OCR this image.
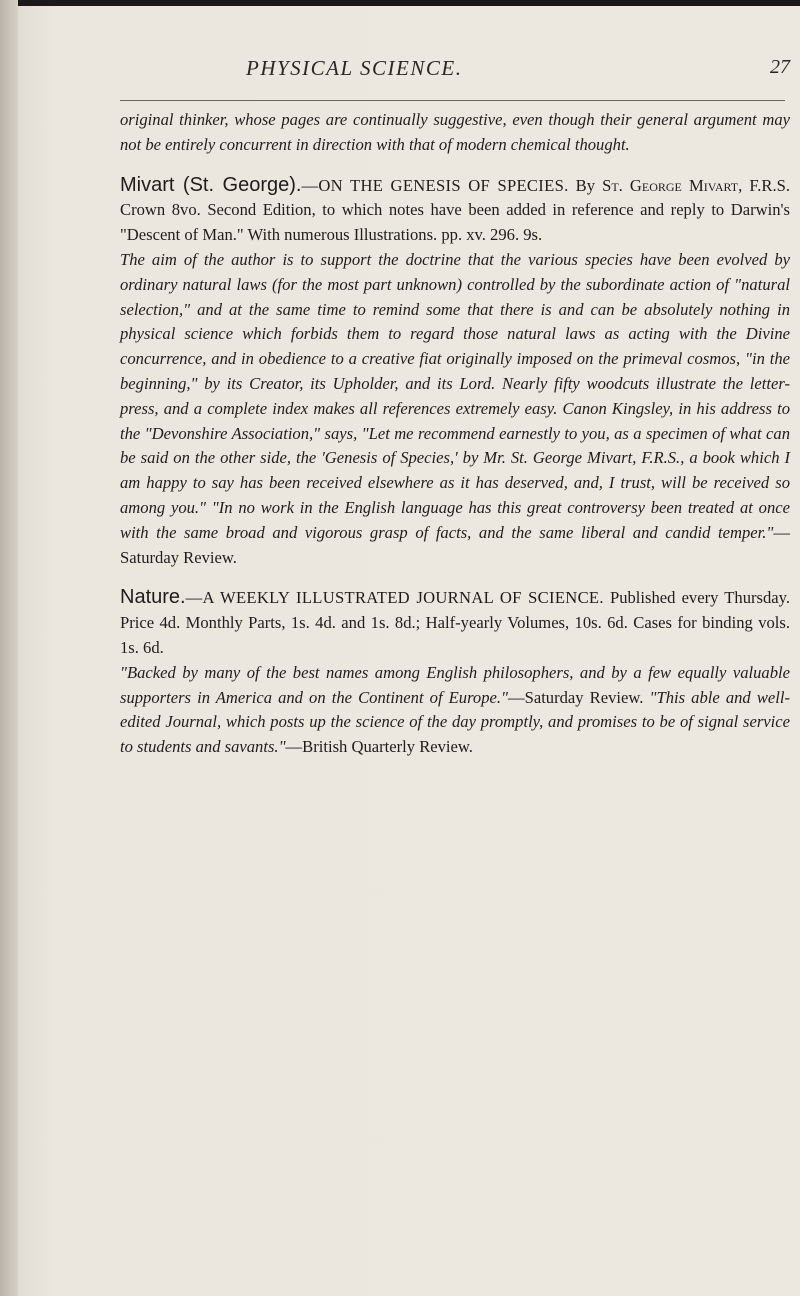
PHYSICAL SCIENCE.	27

original thinker, whose pages are continually suggestive, even though their general argument may not be entirely concurrent in direction with that of modern chemical thought.

Mivart (St. George).—ON THE GENESIS OF SPECIES. By St. George Mivart, F.R.S. Crown 8vo. Second Edition, to which notes have been added in reference and reply to Darwin's "Descent of Man." With numerous Illustrations. pp. xv. 296. 9s.

The aim of the author is to support the doctrine that the various species have been evolved by ordinary natural laws (for the most part unknown) controlled by the subordinate action of "natural selection," and at the same time to remind some that there is and can be absolutely nothing in physical science which forbids them to regard those natural laws as acting with the Divine concurrence, and in obedience to a creative fiat originally imposed on the primeval cosmos, "in the beginning," by its Creator, its Upholder, and its Lord. Nearly fifty woodcuts illustrate the letter-press, and a complete index makes all references extremely easy. Canon Kingsley, in his address to the "Devonshire Association," says, "Let me recommend earnestly to you, as a specimen of what can be said on the other side, the 'Genesis of Species,' by Mr. St. George Mivart, F.R.S., a book which I am happy to say has been received elsewhere as it has deserved, and, I trust, will be received so among you." "In no work in the English language has this great controversy been treated at once with the same broad and vigorous grasp of facts, and the same liberal and candid temper."—Saturday Review.

Nature.—A WEEKLY ILLUSTRATED JOURNAL OF SCIENCE. Published every Thursday. Price 4d. Monthly Parts, 1s. 4d. and 1s. 8d.; Half-yearly Volumes, 10s. 6d. Cases for binding vols. 1s. 6d.

"Backed by many of the best names among English philosophers, and by a few equally valuable supporters in America and on the Continent of Europe."—Saturday Review. "This able and well-edited Journal, which posts up the science of the day promptly, and promises to be of signal service to students and savants."—British Quarterly Review.
